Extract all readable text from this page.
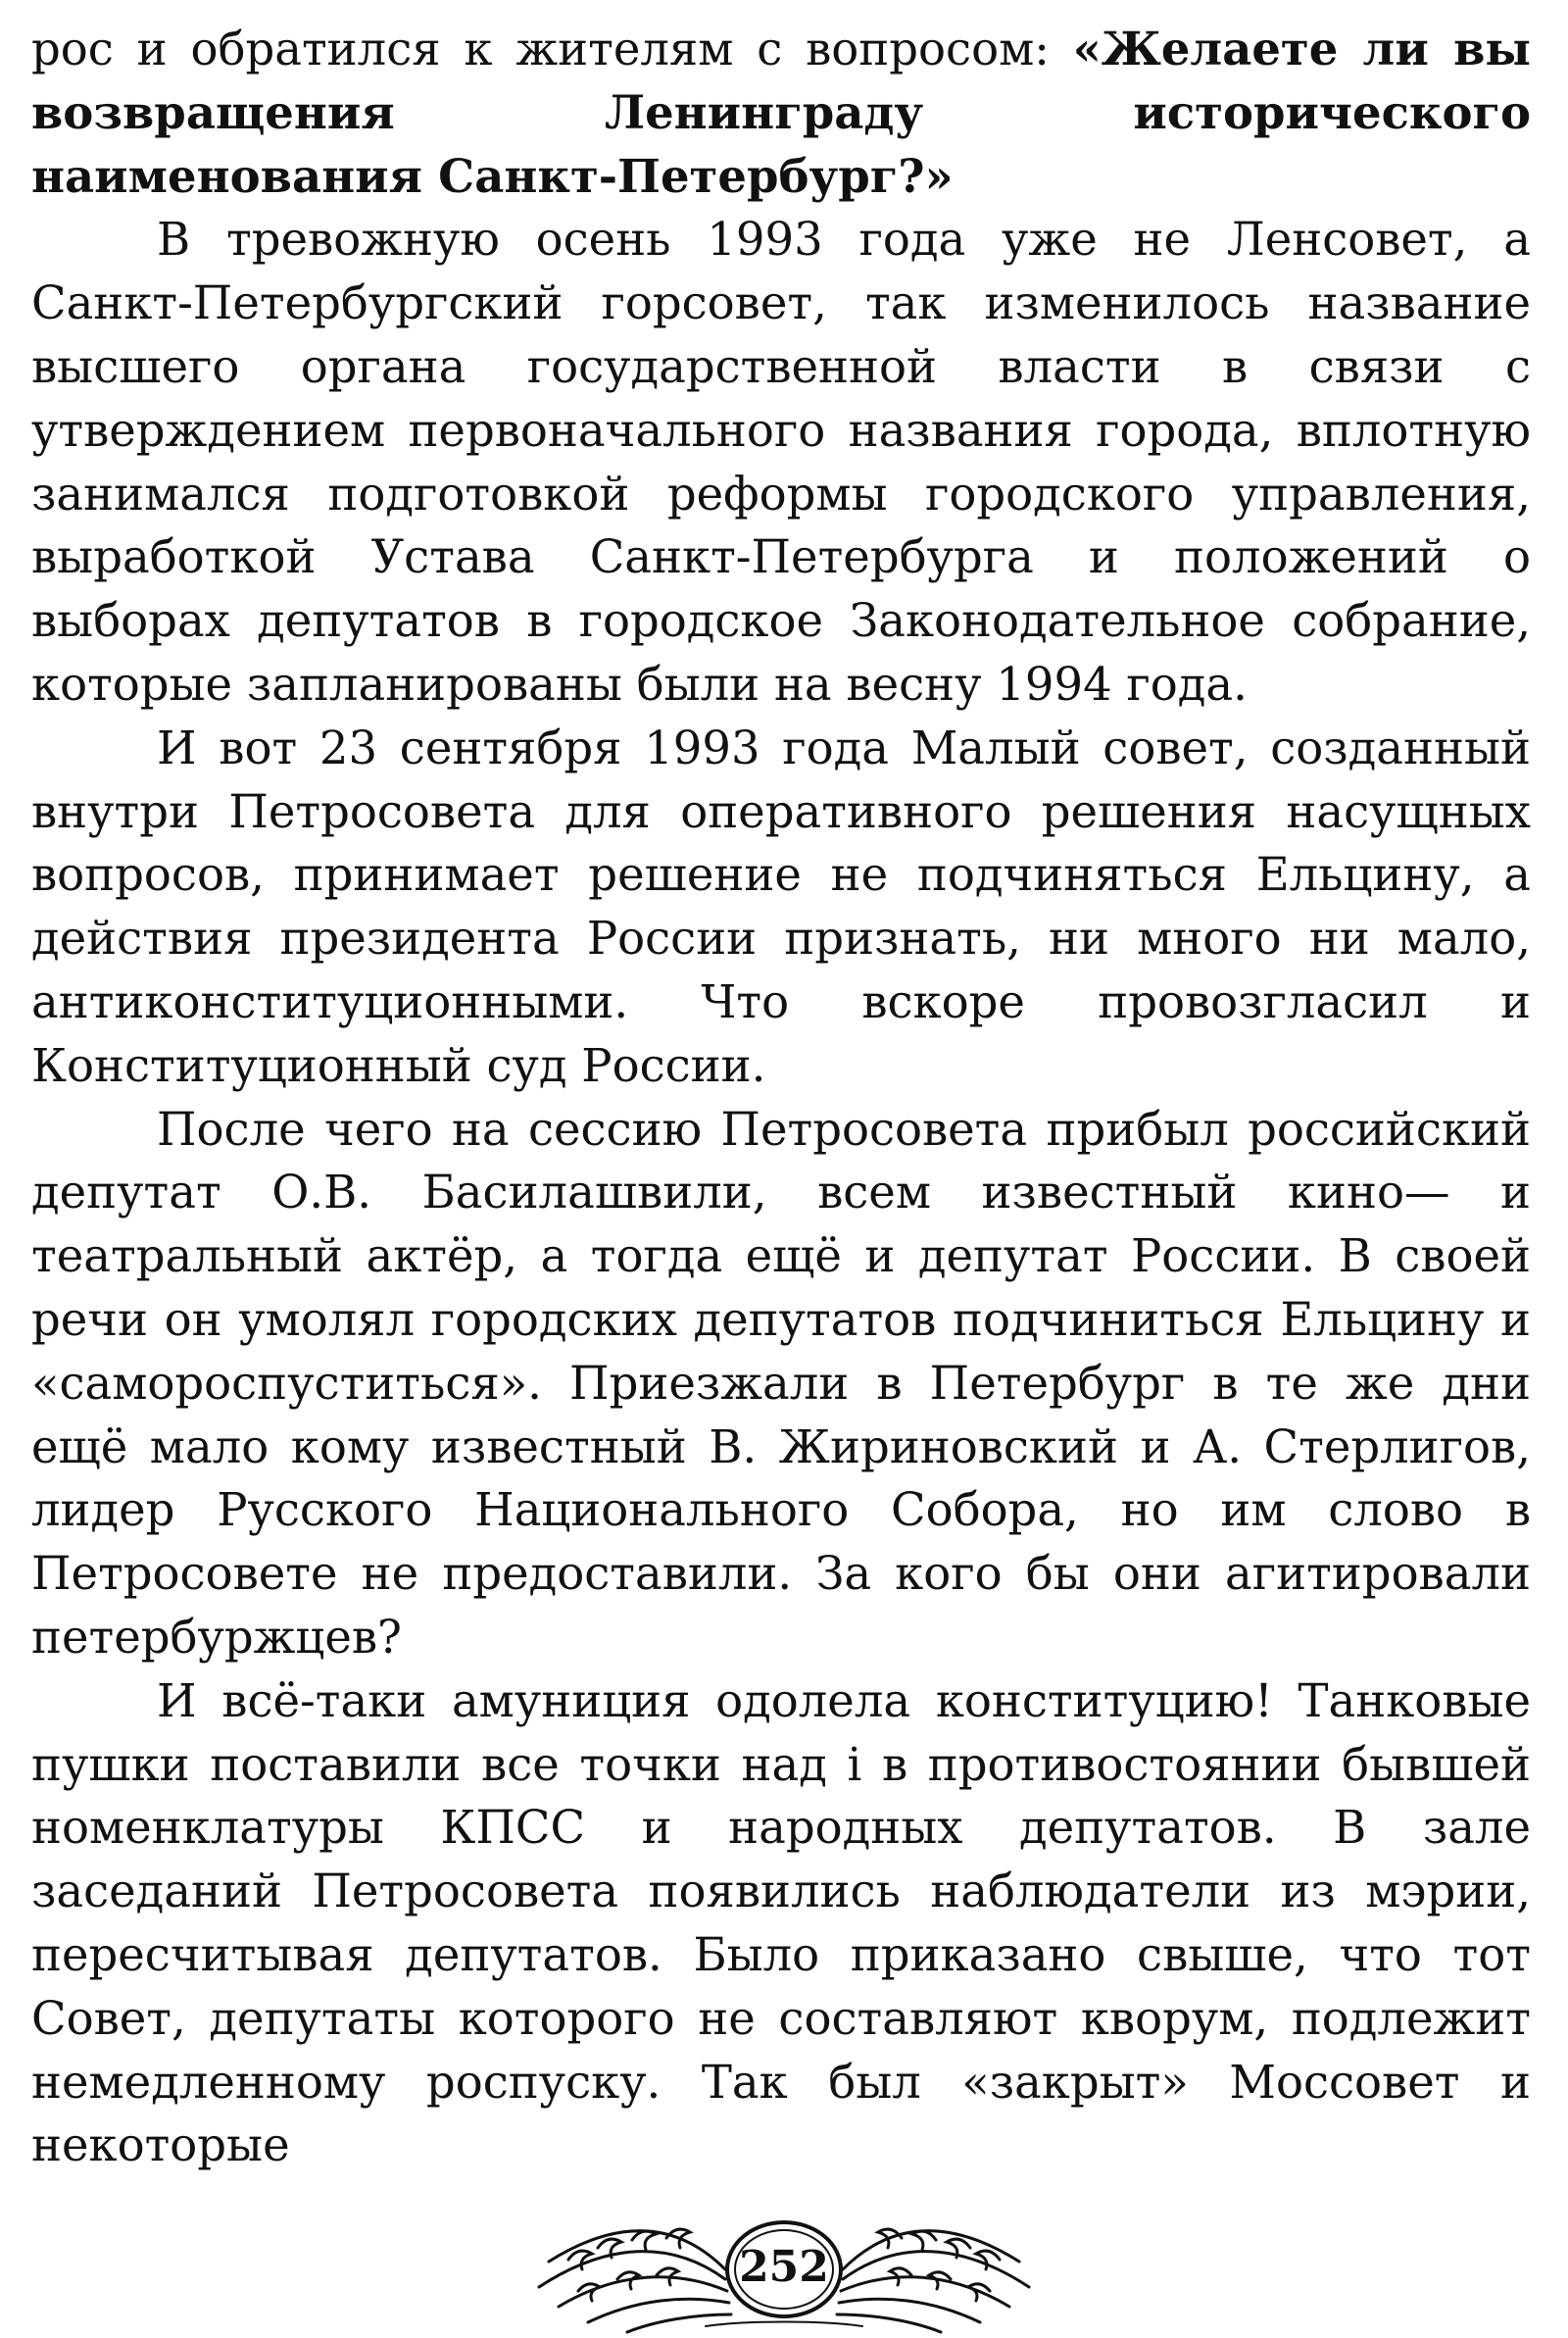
рос и обратился к жителям с вопросом: «Желаете ли вы возвращения Ленинграду исторического наименования Санкт-Петербург?»

В тревожную осень 1993 года уже не Ленсовет, а Санкт-Петербургский горсовет, так изменилось название высшего органа государственной власти в связи с утверждением первоначального названия города, вплотную занимался подготовкой реформы городского управления, выработкой Устава Санкт-Петербурга и положений о выборах депутатов в городское Законодательное собрание, которые запланированы были на весну 1994 года.

И вот 23 сентября 1993 года Малый совет, созданный внутри Петросовета для оперативного решения насущных вопросов, принимает решение не подчиняться Ельцину, а действия президента России признать, ни много ни мало, антиконституционными. Что вскоре провозгласил и Конституционный суд России.

После чего на сессию Петросовета прибыл российский депутат О.В. Басилашвили, всем известный кино— и театральный актёр, а тогда ещё и депутат России. В своей речи он умолял городских депутатов подчиниться Ельцину и «самороспуститься». Приезжали в Петербург в те же дни ещё мало кому известный В. Жириновский и А. Стерлигов, лидер Русского Национального Собора, но им слово в Петросовете не предоставили. За кого бы они агитировали петербуржцев?

И всё-таки амуниция одолела конституцию! Танковые пушки поставили все точки над i в противостоянии бывшей номенклатуры КПСС и народных депутатов. В зале заседаний Петросовета появились наблюдатели из мэрии, пересчитывая депутатов. Было приказано свыше, что тот Совет, депутаты которого не составляют кворум, подлежит немедленному роспуску. Так был «закрыт» Моссовет и некоторые

252
